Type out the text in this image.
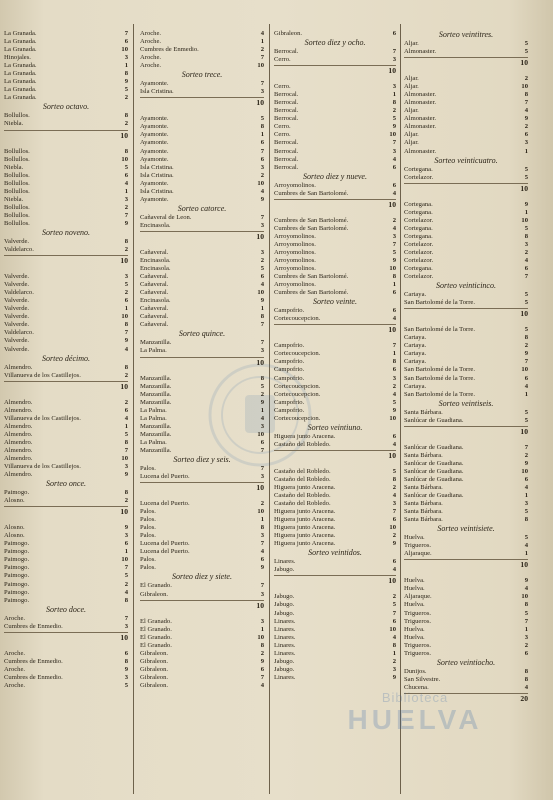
La Granada.	7
La Granada.	6
La Granada.	10
Hinojales.	3
La Granada.	1
La Granada.	8
La Granada.	9
La Granada.	5
La Granada.	2
Sorteo octavo.
Bollullos.	8
Niebla.	2
10
Bollullos.	8
Bollullos.	10
Niebla.	5
Bollullos.	6
Bollullos.	4
Bollullos.	1
Niebla.	3
Bollullos.	2
Bollullos.	7
Bollullos.	9
Sorteo noveno.
Valverde.	8
Valdelarco.	2
10
Valverde.	3
Valverde.	5
Valdelarco.	2
Valverde.	6
Valverde.	1
Valverde.	10
Valverde.	8
Valdelarco.	7
Valverde.	9
Valverde.	4
Sorteo décimo.
Almendro.	8
Villanueva de los Castillejos.	2
10
Almendro.	2
Almendro.	6
Villanueva de los Castillejos.	4
Almendro.	1
Almendro.	5
Almendro.	8
Almendro.	7
Almendro.	10
Villanueva de los Castillejos.	3
Almendro.	9
Sorteo once.
Paimogo.	8
Alosno.	2
10
Alosno.	9
Alosno.	3
Paimogo.	6
Paimogo.	1
Paimogo.	10
Paimogo.	7
Paimogo.	5
Paimogo.	2
Paimogo.	4
Paimogo.	8
Sorteo doce.
Aroche.	7
Cumbres de Enmedio.	3
10
Aroche.	6
Cumbres de Enmedio.	8
Aroche.	9
Cumbres de Enmedio.	3
Aroche.	5
Aroche.	4
Aroche.	1
Cumbres de Enmedio.	2
Aroche.	7
Aroche.	10
Sorteo trece.
Ayamonte.	7
Isla Cristina.	3
10
Ayamonte.	5
Ayamonte.	8
Ayamonte.	1
Ayamonte.	6
Ayamonte.	7
Ayamonte.	6
Isla Cristina.	3
Isla Cristina.	2
Ayamonte.	10
Isla Cristina.	4
Ayamonte.	9
Sorteo catorce.
Cañaveral de Leon.	7
Encinasola.	3
10
Cañaveral.	3
Encinasola.	2
Encinasola.	5
Cañaveral.	6
Cañaveral.	4
Cañaveral.	10
Encinasola.	9
Cañaveral.	1
Cañaveral.	8
Cañaveral.	7
Sorteo quince.
Manzanilla.	7
La Palma.	3
10
Manzanilla.	8
Manzanilla.	5
Manzanilla.	2
Manzanilla.	9
La Palma.	1
La Palma.	4
Manzanilla.	3
Manzanilla.	10
La Palma.	6
Manzanilla.	7
Sorteo diez y seis.
Palos.	7
Lucena del Puerto.	3
10
Lucena del Puerto.	2
Palos.	10
Palos.	1
Palos.	8
Palos.	3
Lucena del Puerto.	7
Lucena del Puerto.	4
Palos.	6
Palos.	9
Sorteo diez y siete.
El Granado.	7
Gibraleon.	3
10
El Granado.	3
El Granado.	1
El Granado.	10
El Granado.	8
Gibraleon.	2
Gibraleon.	9
Gibraleon.	6
Gibraleon.	7
Gibraleon.	4
Gibraleon.	6
Sorteo diez y ocho.
Berrocal.	7
Cerro.	3
10
Cerro.	3
Berrocal.	1
Berrocal.	8
Berrocal.	2
Berrocal.	5
Cerro.	9
Cerro.	10
Berrocal.	7
Berrocal.	3
Berrocal.	4
Berrocal.	6
Sorteo diez y nueve.
Arroyomolinos.	6
Cumbres de San Bartolomé.	4
10
Cumbres de San Bartolomé.	2
Cumbres de San Bartolomé.	4
Arroyomolinos.	3
Arroyomolinos.	7
Arroyomolinos.	5
Arroyomolinos.	9
Arroyomolinos.	10
Cumbres de San Bartolomé.	8
Arroyomolinos.	1
Cumbres de San Bartolomé.	6
Sorteo veinte.
Campofrio.	6
Cortecoucepcion.	4
10
Campofrio.	7
Cortecoucepcion.	1
Campofrio.	8
Campofrio.	6
Campofrio.	3
Cortecoucepcion.	2
Cortecoucepcion.	4
Campofrio.	5
Campofrio.	9
Cortecoucepcion.	10
Sorteo veintiuno.
Higuera junto Aracena.	6
Castaño del Robledo.	4
10
Castaño del Robledo.	5
Castaño del Robledo.	8
Higuera junto Aracena.	2
Castaño del Robledo.	4
Castaño del Robledo.	3
Higuera junto Aracena.	7
Higuera junto Aracena.	6
Higuera junto Aracena.	10
Higuera junto Aracena.	2
Higuera junto Aracena.	9
Sorteo veintidos.
Linares.	6
Jabugo.	4
10
Jabugo.	2
Jabugo.	5
Jabugo.	7
Linares.	6
Linares.	10
Linares.	4
Linares.	8
Linares.	1
Jabugo.	2
Jabugo.	3
Linares.	9
Sorteo veintitres.
Aljar.	5
Almonaster.	5
10
Aljar.	2
Aljar.	10
Almonaster.	8
Almonaster.	7
Aljar.	4
Almonaster.	9
Almonaster.	2
Aljar.	6
Aljar.	3
Almonaster.	1
Sorteo veinticuatro.
Cortegana.	5
Cortelazor.	5
10
Cortegana.	9
Cortegana.	1
Cortelazor.	10
Cortegana.	5
Cortegana.	8
Cortelazor.	3
Cortelazor.	2
Cortelazor.	4
Cortegana.	6
Cortelazor.	7
Sorteo veinticinco.
Cartaya.	5
San Bartolomé de la Torre.	5
10
San Bartolomé de la Torre.	5
Cartaya.	8
Cartaya.	2
Cartaya.	9
Cartaya.	7
San Bartolomé de la Torre.	10
San Bartolomé de la Torre.	6
Cartaya.	4
San Bartolomé de la Torre.	1
Sorteo veintiseis.
Santa Bárbara.	5
Sanlúcar de Guadiana.	5
10
Sanlúcar de Guadiana.	7
Santa Bárbara.	2
Sanlúcar de Guadiana.	9
Sanlúcar de Guadiana.	10
Sanlúcar de Guadiana.	6
Santa Bárbara.	4
Sanlúcar de Guadiana.	1
Santa Bárbara.	3
Santa Bárbara.	5
Santa Bárbara.	8
Sorteo veintisiete.
Huelva.	5
Trigueros.	4
Aljaraque.	1
10
Huelva.	9
Huelva.	4
Aljaraque.	10
Huelva.	8
Trigueros.	5
Trigueros.	7
Huelva.	1
Huelva.	3
Trigueros.	2
Trigueros.	6
Sorteo veintiocho.
Dunijos.	8
San Silvestre.	8
Chucena.	4
20
Biblioteca
HUELVA
